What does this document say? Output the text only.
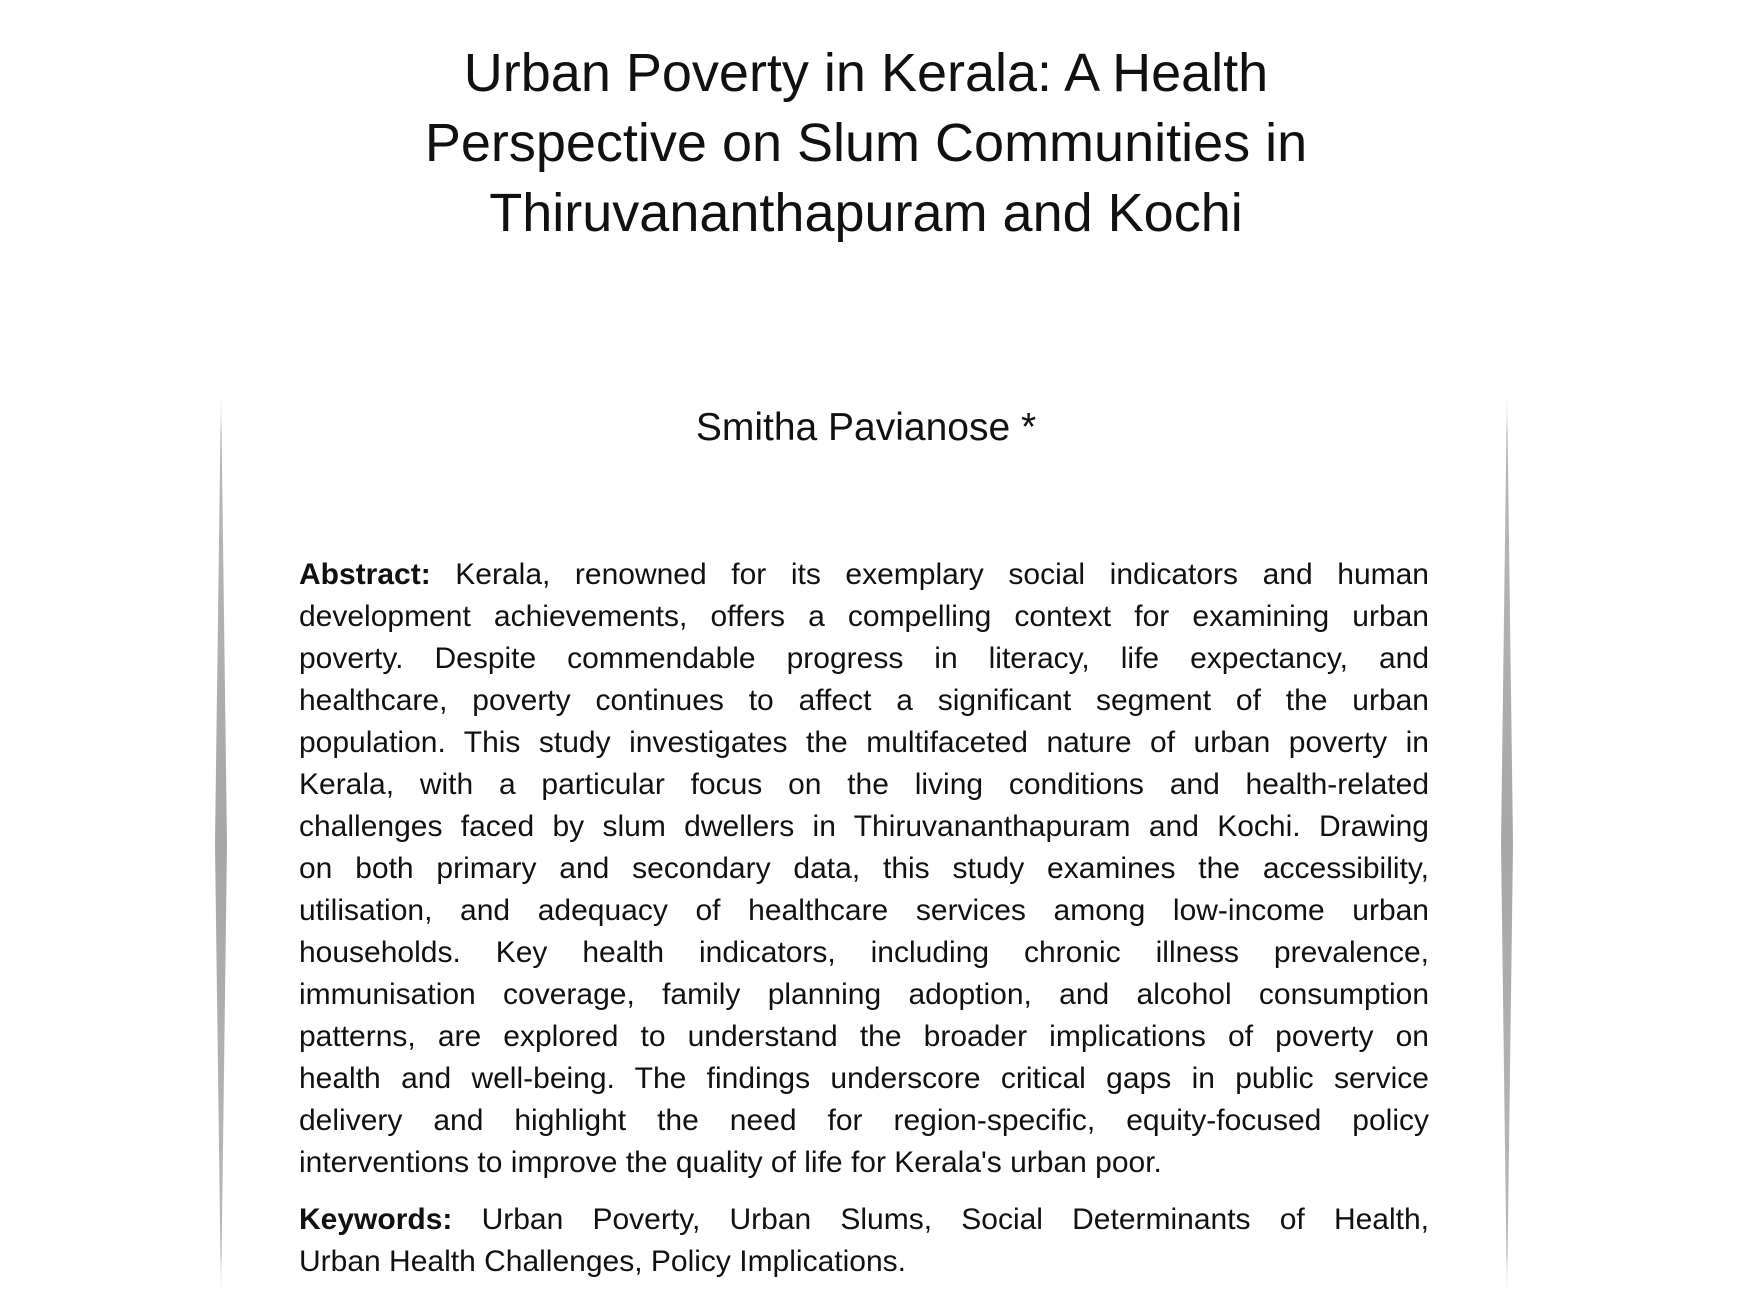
Urban Poverty in Kerala: A Health
Perspective on Slum Communities in
Thiruvananthapuram and Kochi
Smitha Pavianose *
Abstract: Kerala, renowned for its exemplary social indicators and human
development achievements, offers a compelling context for examining urban
poverty. Despite commendable progress in literacy, life expectancy, and
healthcare, poverty continues to affect a significant segment of the urban
population. This study investigates the multifaceted nature of urban poverty in
Kerala, with a particular focus on the living conditions and health-related
challenges faced by slum dwellers in Thiruvananthapuram and Kochi. Drawing
on both primary and secondary data, this study examines the accessibility,
utilisation, and adequacy of healthcare services among low-income urban
households. Key health indicators, including chronic illness prevalence,
immunisation coverage, family planning adoption, and alcohol consumption
patterns, are explored to understand the broader implications of poverty on
health and well-being. The findings underscore critical gaps in public service
delivery and highlight the need for region-specific, equity-focused policy
interventions to improve the quality of life for Kerala's urban poor.
Keywords: Urban Poverty, Urban Slums, Social Determinants of Health,
Urban Health Challenges, Policy Implications.
